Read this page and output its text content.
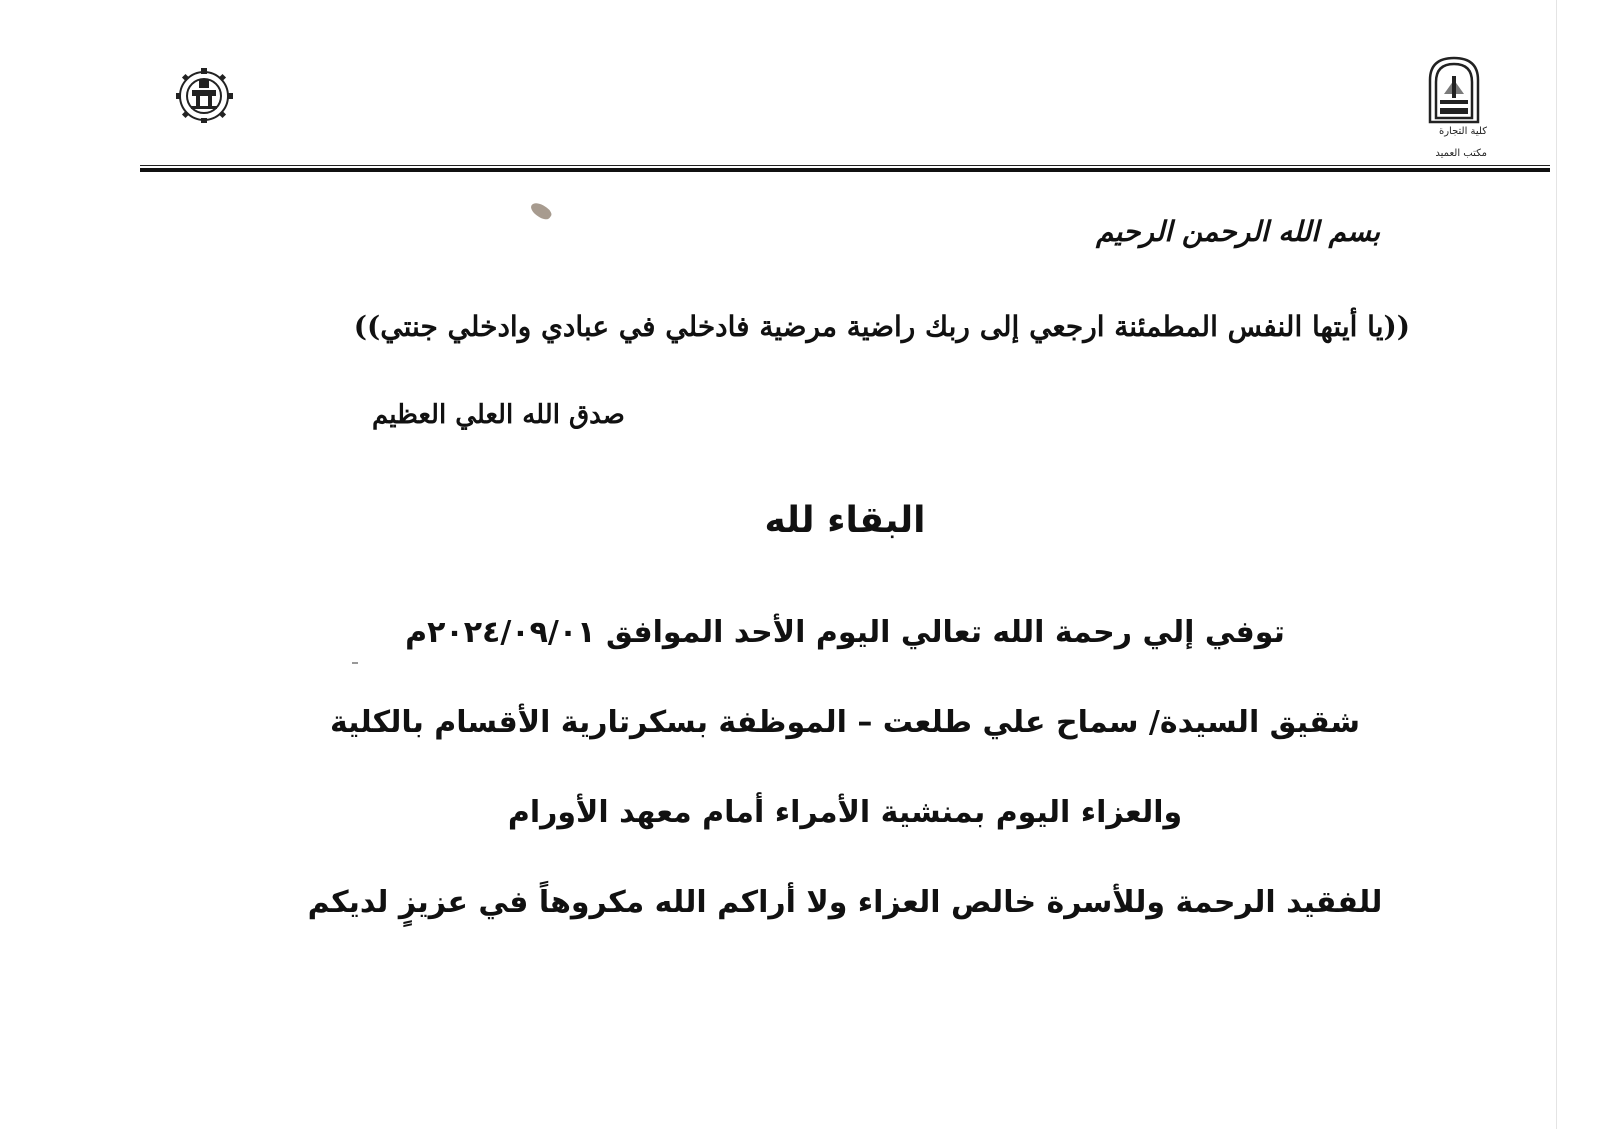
كلية التجارة
مكتب العميد
بسم الله الرحمن الرحيم
((يا أيتها النفس المطمئنة ارجعي إلى ربك راضية مرضية فادخلي في عبادي وادخلي جنتي))
صدق الله العلي العظيم
البقاء لله
توفي إلي رحمة الله تعالي اليوم الأحد الموافق ٢٠٢٤/٠٩/٠١م
شقيق السيدة/ سماح علي طلعت – الموظفة بسكرتارية الأقسام بالكلية
والعزاء اليوم بمنشية الأمراء أمام معهد الأورام
للفقيد الرحمة وللأسرة خالص العزاء ولا أراكم الله مكروهاً في عزيزٍ لديكم
